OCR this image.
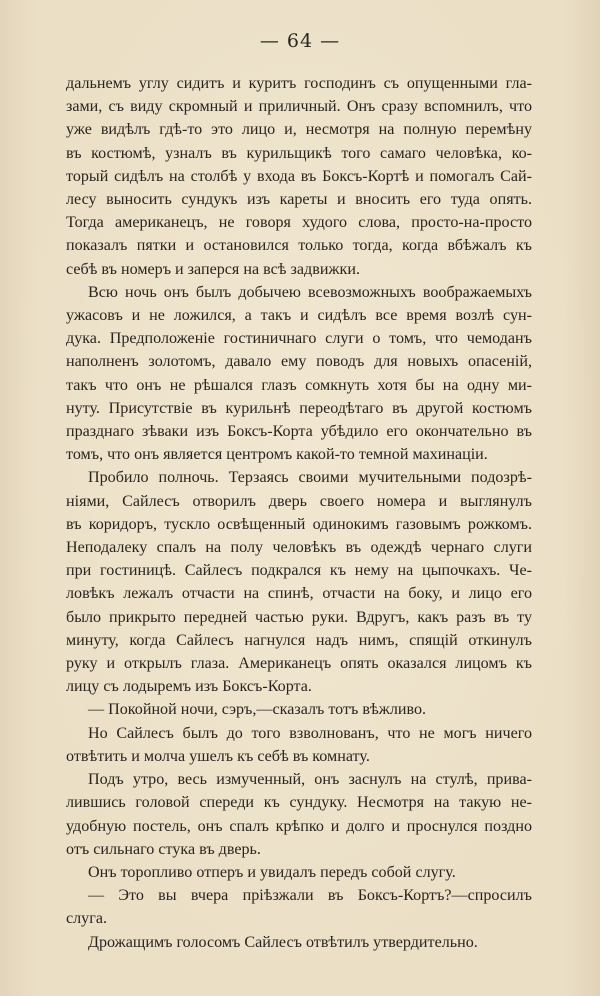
— 64 —
дальнемъ углу сидитъ и куритъ господинъ съ опущенными гла-
зами, съ виду скромный и приличный. Онъ сразу вспомнилъ, что
уже видѣлъ гдѣ-то это лицо и, несмотря на полную перемѣну
въ костюмѣ, узналъ въ курильщикѣ того самаго человѣка, ко-
торый сидѣлъ на столбѣ у входа въ Боксъ-Кортѣ и помогалъ Сай-
лесу выносить сундукъ изъ кареты и вносить его туда опять.
Тогда американецъ, не говоря худого слова, просто-на-просто
показалъ пятки и остановился только тогда, когда вбѣжалъ къ
себѣ въ номеръ и заперся на всѣ задвижки.
Всю ночь онъ былъ добычею всевозможныхъ воображаемыхъ
ужасовъ и не ложился, а такъ и сидѣлъ все время возлѣ сун-
дука. Предположеніе гостиничнаго слуги о томъ, что чемоданъ
наполненъ золотомъ, давало ему поводъ для новыхъ опасеній,
такъ что онъ не рѣшался глазъ сомкнуть хотя бы на одну ми-
нуту. Присутствіе въ курильнѣ переодѣтаго въ другой костюмъ
празднаго зѣваки изъ Боксъ-Корта убѣдило его окончательно въ
томъ, что онъ является центромъ какой-то темной махинаціи.
Пробило полночь. Терзаясь своими мучительными подозрѣ-
ніями, Сайлесъ отворилъ дверь своего номера и выглянулъ
въ коридоръ, тускло освѣщенный одинокимъ газовымъ рожкомъ.
Неподалеку спалъ на полу человѣкъ въ одеждѣ чернаго слуги
при гостиницѣ. Сайлесъ подкрался къ нему на цыпочкахъ. Че-
ловѣкъ лежалъ отчасти на спинѣ, отчасти на боку, и лицо его
было прикрыто передней частью руки. Вдругъ, какъ разъ въ ту
минуту, когда Сайлесъ нагнулся надъ нимъ, спящій откинулъ
руку и открылъ глаза. Американецъ опять оказался лицомъ къ
лицу съ лодыремъ изъ Боксъ-Корта.
— Покойной ночи, сэръ,—сказалъ тотъ вѣжливо.
Но Сайлесъ былъ до того взволнованъ, что не могъ ничего
отвѣтить и молча ушелъ къ себѣ въ комнату.
Подъ утро, весь измученный, онъ заснулъ на стулѣ, прива-
лившись головой спереди къ сундуку. Несмотря на такую не-
удобную постель, онъ спалъ крѣпко и долго и проснулся поздно
отъ сильнаго стука въ дверь.
Онъ торопливо отперъ и увидалъ передъ собой слугу.
— Это вы вчера пріѣзжали въ Боксъ-Кортъ?—спросилъ
слуга.
Дрожащимъ голосомъ Сайлесъ отвѣтилъ утвердительно.
